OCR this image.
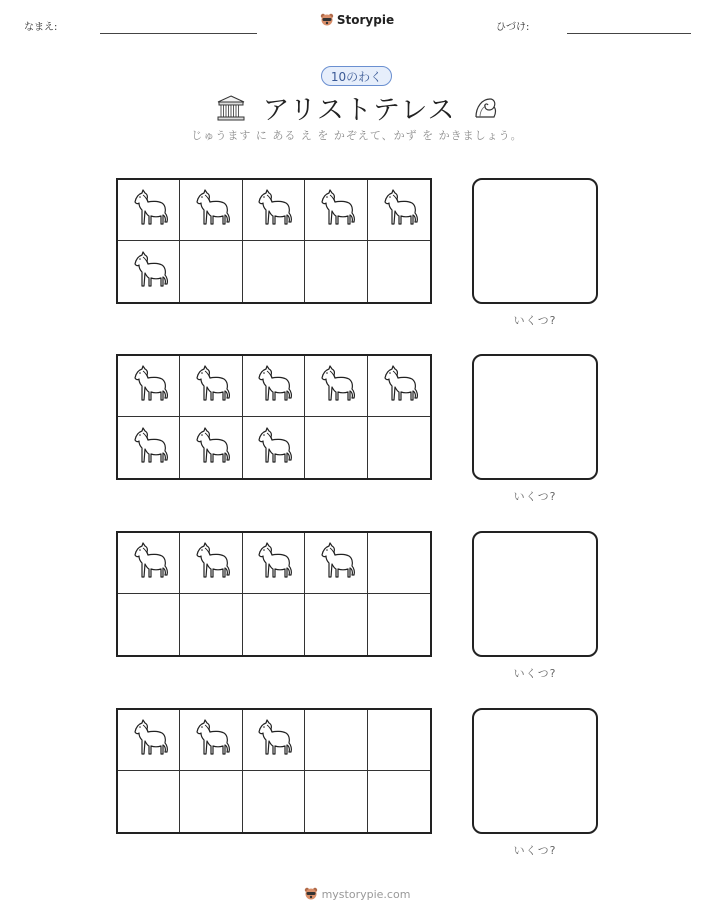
なまえ:
Storypie
ひづけ:
10のわく
アリストテレス
じゅうます に ある え を かぞえて、かず を かきましょう。
いくつ?
いくつ?
いくつ?
いくつ?
mystorypie.com
